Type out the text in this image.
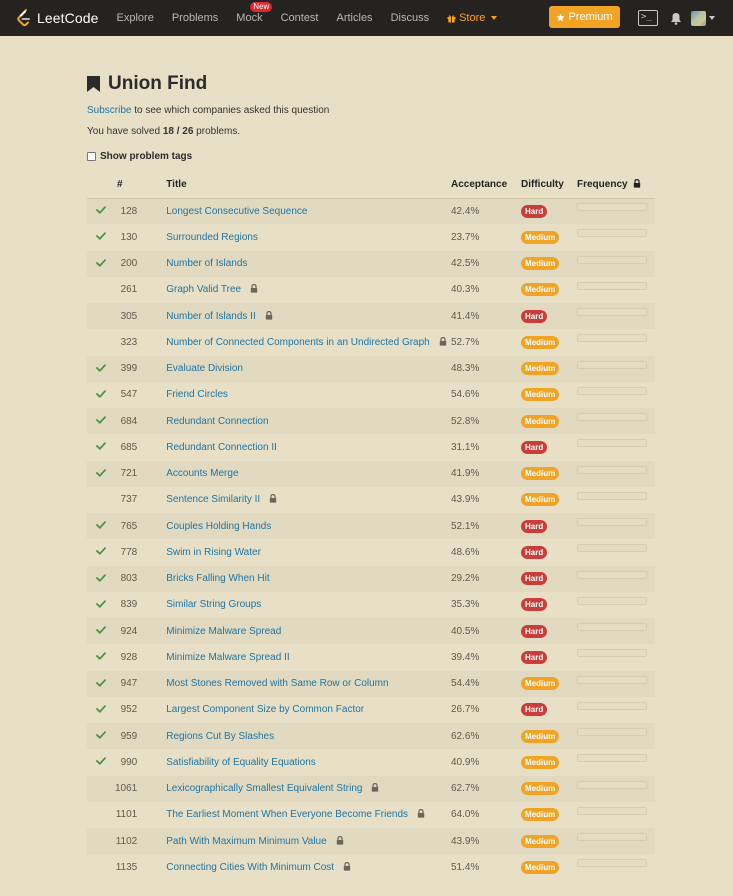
LeetCode Explore Problems Mock
New
Contest Articles Discuss	Store	Premium	>_
Union Find
Subscribe to see which companies asked this question
You have solved 18 / 26 problems.
Show problem tags
	#	Title	Acceptance	Difficulty	Frequency
	128	Longest Consecutive Sequence	42.4%	Hard	

	130	Surrounded Regions	23.7%	Medium	

	200	Number of Islands	42.5%	Medium	

	261	Graph Valid Tree	40.3%	Medium	

	305	Number of Islands II	41.4%	Hard	

	323	Number of Connected Components in an Undirected Graph	52.7%	Medium	

	399	Evaluate Division	48.3%	Medium	

	547	Friend Circles	54.6%	Medium	

	684	Redundant Connection	52.8%	Medium	

	685	Redundant Connection II	31.1%	Hard	

	721	Accounts Merge	41.9%	Medium	

	737	Sentence Similarity II	43.9%	Medium	

	765	Couples Holding Hands	52.1%	Hard	

	778	Swim in Rising Water	48.6%	Hard	

	803	Bricks Falling When Hit	29.2%	Hard	

	839	Similar String Groups	35.3%	Hard	

	924	Minimize Malware Spread	40.5%	Hard	

	928	Minimize Malware Spread II	39.4%	Hard	

	947	Most Stones Removed with Same Row or Column	54.4%	Medium	

	952	Largest Component Size by Common Factor	26.7%	Hard	

	959	Regions Cut By Slashes	62.6%	Medium	

	990	Satisfiability of Equality Equations	40.9%	Medium	

	1061	Lexicographically Smallest Equivalent String	62.7%	Medium	

	1101	The Earliest Moment When Everyone Become Friends	64.0%	Medium	

	1102	Path With Maximum Minimum Value	43.9%	Medium	

	1135	Connecting Cities With Minimum Cost	51.4%	Medium	
